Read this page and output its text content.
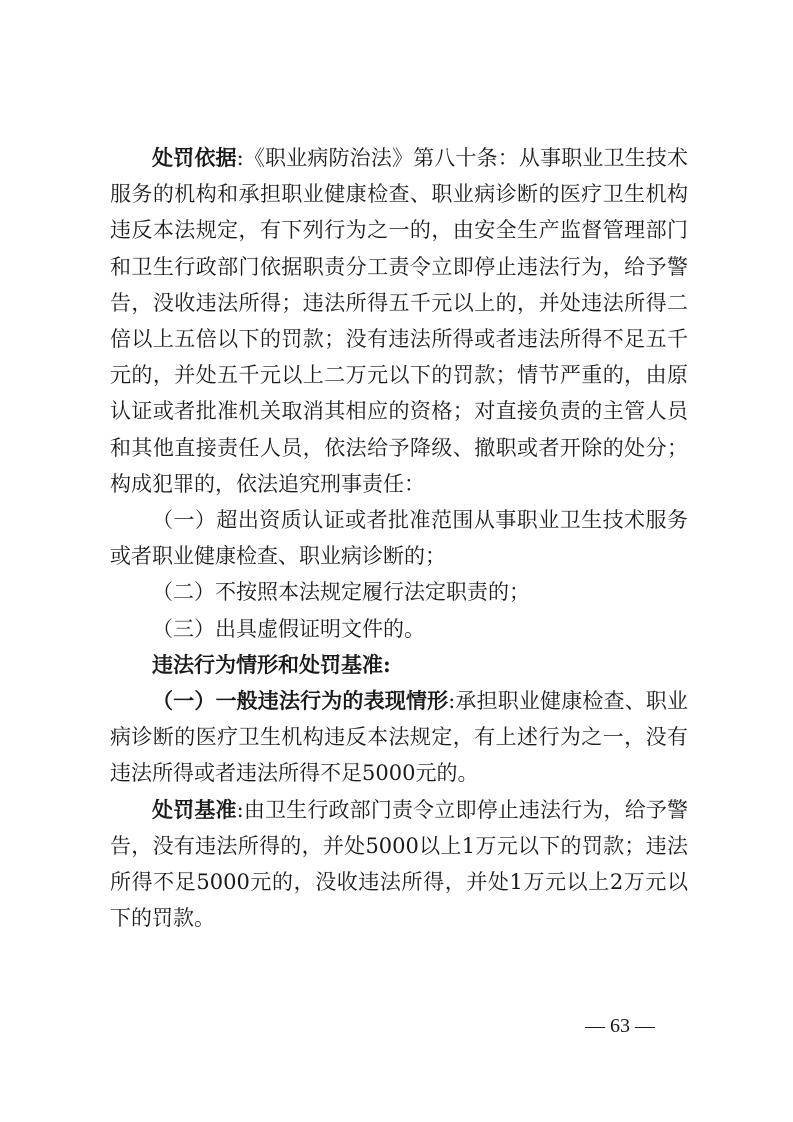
处罚依据:《职业病防治法》第八十条：从事职业卫生技术服务的机构和承担职业健康检查、职业病诊断的医疗卫生机构违反本法规定，有下列行为之一的，由安全生产监督管理部门和卫生行政部门依据职责分工责令立即停止违法行为，给予警告，没收违法所得；违法所得五千元以上的，并处违法所得二倍以上五倍以下的罚款；没有违法所得或者违法所得不足五千元的，并处五千元以上二万元以下的罚款；情节严重的，由原认证或者批准机关取消其相应的资格；对直接负责的主管人员和其他直接责任人员，依法给予降级、撤职或者开除的处分；构成犯罪的，依法追究刑事责任：

（一）超出资质认证或者批准范围从事职业卫生技术服务或者职业健康检查、职业病诊断的；

（二）不按照本法规定履行法定职责的；

（三）出具虚假证明文件的。

违法行为情形和处罚基准:

（一）一般违法行为的表现情形:承担职业健康检查、职业病诊断的医疗卫生机构违反本法规定，有上述行为之一，没有违法所得或者违法所得不足5000元的。

处罚基准:由卫生行政部门责令立即停止违法行为，给予警告，没有违法所得的，并处5000以上1万元以下的罚款；违法所得不足5000元的，没收违法所得，并处1万元以上2万元以下的罚款。

— 63 —
